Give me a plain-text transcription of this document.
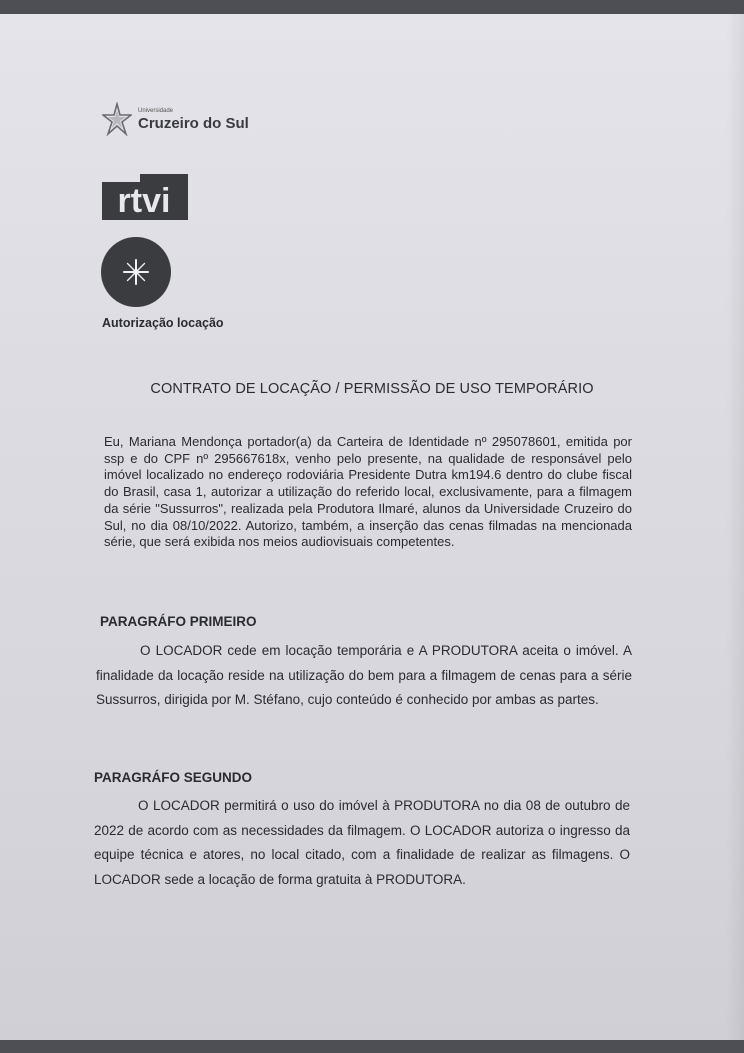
Universidade
Cruzeiro do Sul
rtvi
Autorização locação
CONTRATO DE LOCAÇÃO / PERMISSÃO DE USO TEMPORÁRIO
Eu, Mariana Mendonça portador(a) da Carteira de Identidade nº 295078601, emitida por ssp e do CPF nº 295667618x, venho pelo presente, na qualidade de responsável pelo imóvel localizado no endereço rodoviária Presidente Dutra km194.6 dentro do clube fiscal do Brasil, casa 1, autorizar a utilização do referido local, exclusivamente, para a filmagem da série "Sussurros", realizada pela Produtora Ilmaré, alunos da Universidade Cruzeiro do Sul, no dia 08/10/2022. Autorizo, também, a inserção das cenas filmadas na mencionada série, que será exibida nos meios audiovisuais competentes.
PARAGRÁFO PRIMEIRO
O LOCADOR cede em locação temporária e A PRODUTORA aceita o imóvel. A finalidade da locação reside na utilização do bem para a filmagem de cenas para a série Sussurros, dirigida por M. Stéfano, cujo conteúdo é conhecido por ambas as partes.
PARAGRÁFO SEGUNDO
O LOCADOR permitirá o uso do imóvel à PRODUTORA no dia 08 de outubro de 2022 de acordo com as necessidades da filmagem. O LOCADOR autoriza o ingresso da equipe técnica e atores, no local citado, com a finalidade de realizar as filmagens. O LOCADOR sede a locação de forma gratuita à PRODUTORA.
